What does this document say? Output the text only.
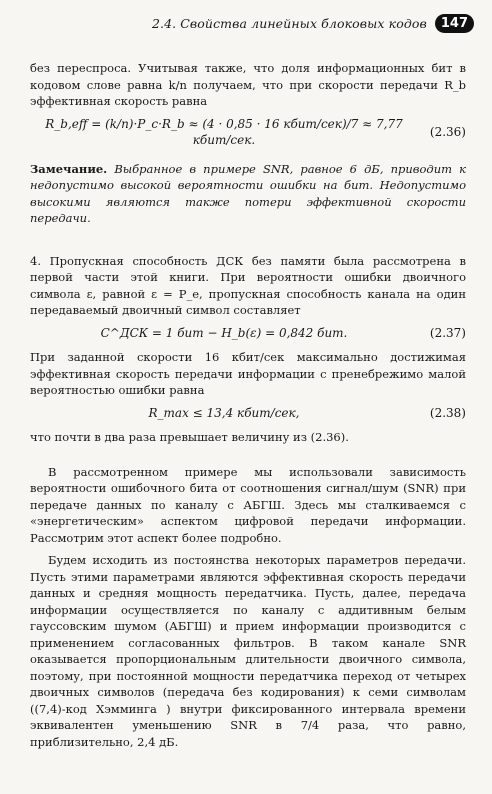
2.4. Свойства линейных блоковых кодов	147

без переспроса. Учитывая также, что доля информационных бит в кодовом слове равна k/n получаем, что при скорости передачи R_b эффективная скорость равна

R_b,eff = (k/n)·P_c·R_b ≈ (4 · 0,85 · 16 кбит/сек)/7 ≈ 7,77 кбит/сек.
(2.36)

Замечание. Выбранное в примере SNR, равное 6 дБ, приводит к недопустимо высокой вероятности ошибки на бит. Недопустимо высокими являются также потери эффективной скорости передачи.

4. Пропускная способность ДСК без памяти была рассмотрена в первой части этой книги. При вероятности ошибки двоичного символа ε, равной ε = P_e, пропускная способность канала на один передаваемый двоичный символ составляет

C^ДСК = 1 бит − H_b(ε) = 0,842 бит.	(2.37)

При заданной скорости 16 кбит/сек максимально достижимая эффективная скорость передачи информации с пренебрежимо малой вероятностью ошибки равна

R_max ≤ 13,4 кбит/сек,	(2.38)

что почти в два раза превышает величину из (2.36).

В рассмотренном примере мы использовали зависимость вероятности ошибочного бита от соотношения сигнал/шум (SNR) при передаче данных по каналу с АБГШ. Здесь мы сталкиваемся с «энергетическим» аспектом цифровой передачи информации. Рассмотрим этот аспект более подробно.

Будем исходить из постоянства некоторых параметров передачи. Пусть этими параметрами являются эффективная скорость передачи данных и средняя мощность передатчика. Пусть, далее, передача информации осуществляется по каналу с аддитивным белым гауссовским шумом (АБГШ) и прием информации производится с применением согласованных фильтров. В таком канале SNR оказывается пропорциональным длительности двоичного символа, поэтому, при постоянной мощности передатчика переход от четырех двоичных символов (передача без кодирования) к семи символам ((7,4)-код Хэмминга ) внутри фиксированного интервала времени эквивалентен уменьшению SNR в 7/4 раза, что равно, приблизительно, 2,4 дБ.
